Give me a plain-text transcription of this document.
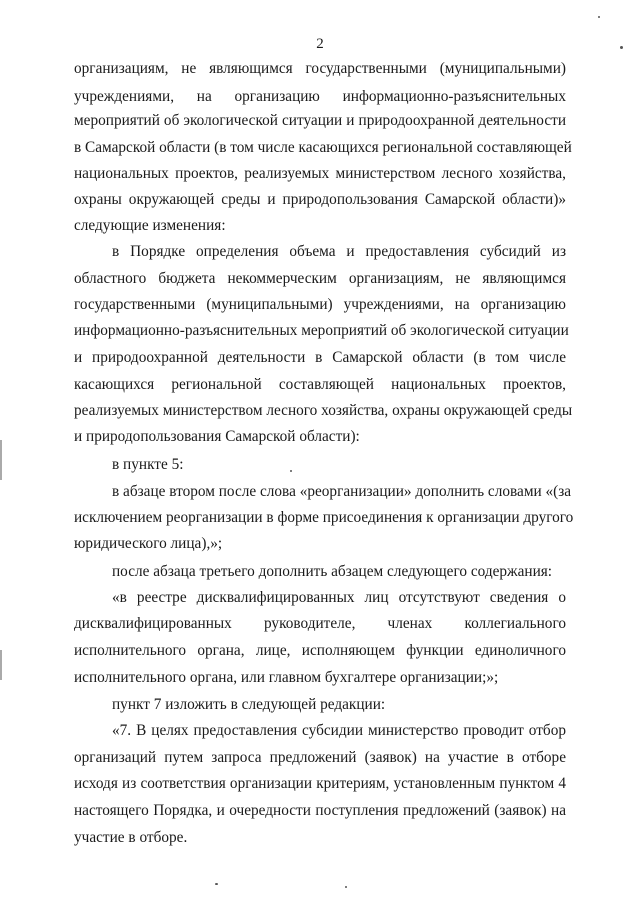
2
организациям, не являющимся государственными (муниципальными)
учреждениями, на организацию информационно-разъяснительных
мероприятий об экологической ситуации и природоохранной деятельности
в Самарской области (в том числе касающихся региональной составляющей
национальных проектов, реализуемых министерством лесного хозяйства,
охраны окружающей среды и природопользования Самарской области)»
следующие изменения:
в Порядке определения объема и предоставления субсидий из
областного бюджета некоммерческим организациям, не являющимся
государственными (муниципальными) учреждениями, на организацию
информационно-разъяснительных мероприятий об экологической ситуации
и природоохранной деятельности в Самарской области (в том числе
касающихся региональной составляющей национальных проектов,
реализуемых министерством лесного хозяйства, охраны окружающей среды
и природопользования Самарской области):
в пункте 5:
в абзаце втором после слова «реорганизации» дополнить словами «(за
исключением реорганизации в форме присоединения к организации другого
юридического лица),»;
после абзаца третьего дополнить абзацем следующего содержания:
«в реестре дисквалифицированных лиц отсутствуют сведения о
дисквалифицированных руководителе, членах коллегиального
исполнительного органа, лице, исполняющем функции единоличного
исполнительного органа, или главном бухгалтере организации;»;
пункт 7 изложить в следующей редакции:
«7. В целях предоставления субсидии министерство проводит отбор
организаций путем запроса предложений (заявок) на участие в отборе
исходя из соответствия организации критериям, установленным пунктом 4
настоящего Порядка, и очередности поступления предложений (заявок) на
участие в отборе.
